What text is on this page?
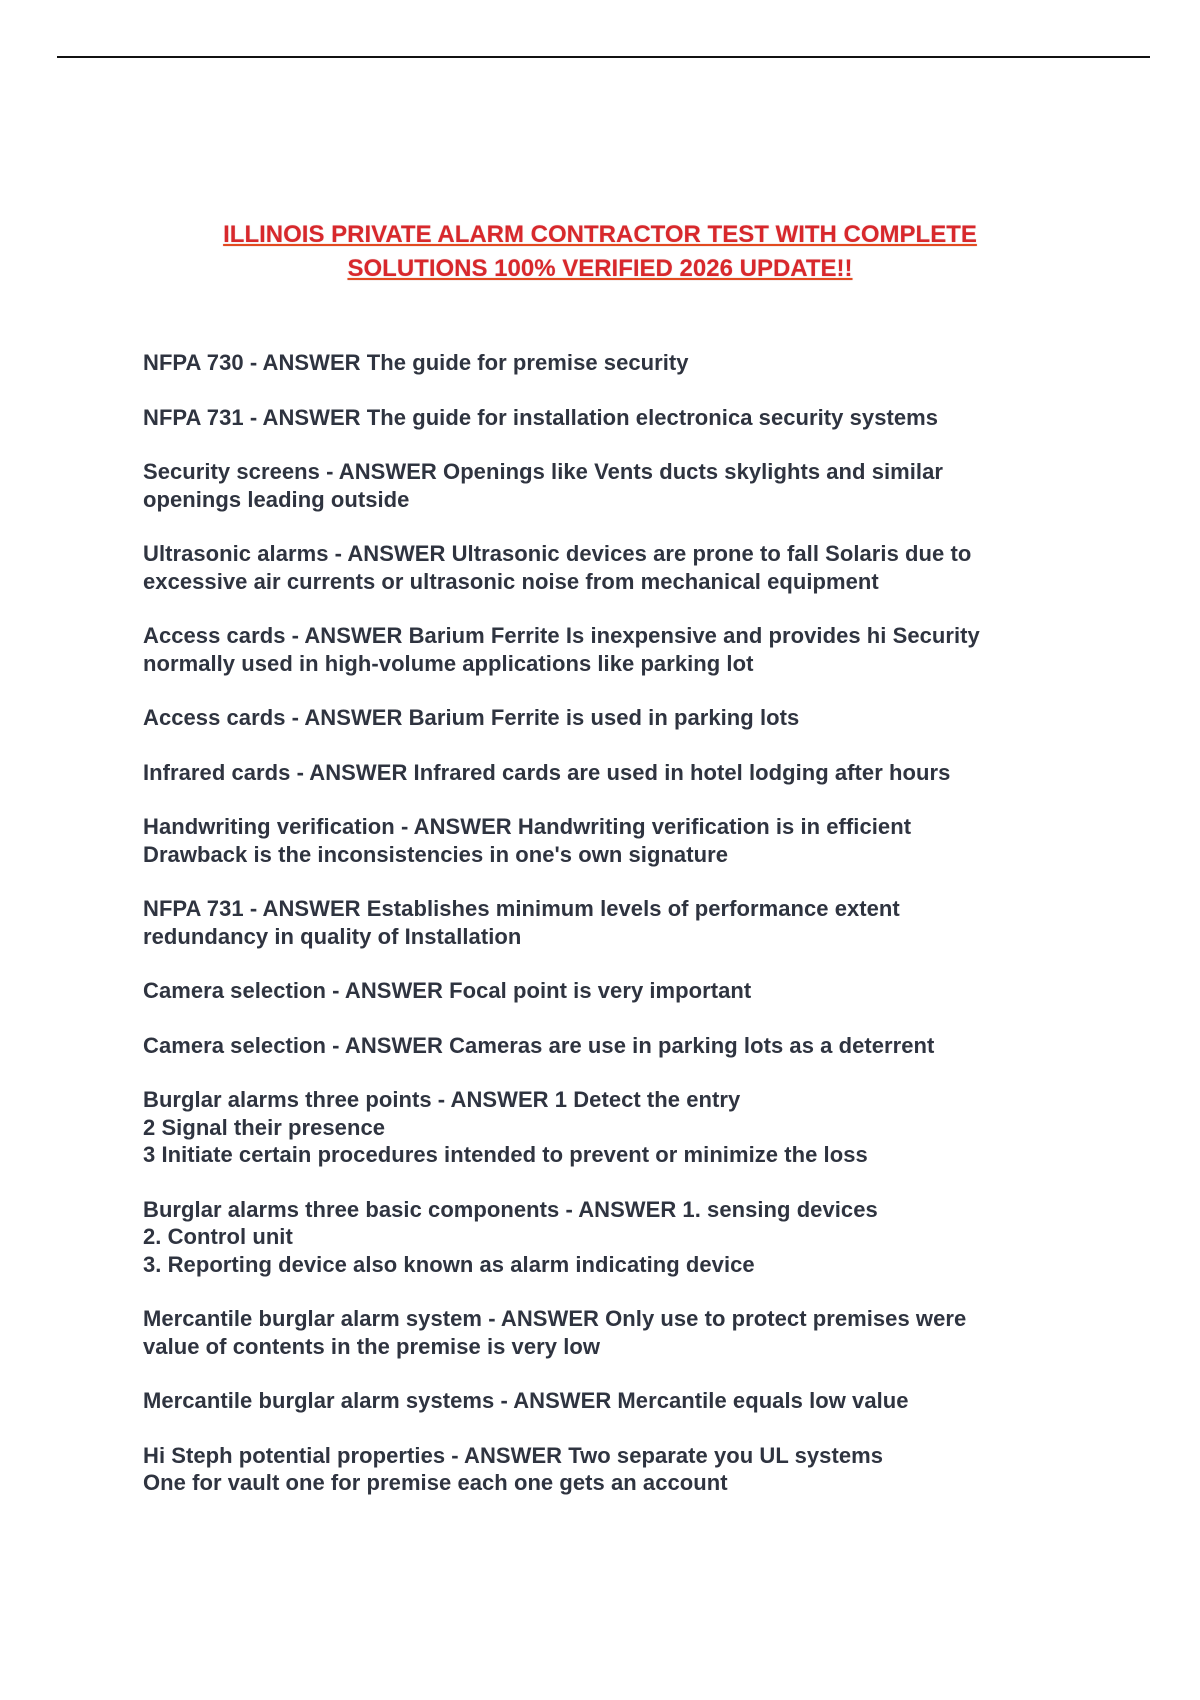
ILLINOIS PRIVATE ALARM CONTRACTOR TEST WITH COMPLETE
SOLUTIONS 100% VERIFIED 2026 UPDATE!!
NFPA 730 - ANSWER The guide for premise security
NFPA 731 - ANSWER The guide for installation electronica security systems
Security screens - ANSWER Openings like Vents ducts skylights and similar
openings leading outside
Ultrasonic alarms - ANSWER Ultrasonic devices are prone to fall Solaris due to
excessive air currents or ultrasonic noise from mechanical equipment
Access cards - ANSWER Barium Ferrite Is inexpensive and provides hi Security
normally used in high-volume applications like parking lot
Access cards - ANSWER Barium Ferrite is used in parking lots
Infrared cards - ANSWER Infrared cards are used in hotel lodging after hours
Handwriting verification - ANSWER Handwriting verification is in efficient
Drawback is the inconsistencies in one's own signature
NFPA 731 - ANSWER Establishes minimum levels of performance extent
redundancy in quality of Installation
Camera selection - ANSWER Focal point is very important
Camera selection - ANSWER Cameras are use in parking lots as a deterrent
Burglar alarms three points - ANSWER 1 Detect the entry
2 Signal their presence
3 Initiate certain procedures intended to prevent or minimize the loss
Burglar alarms three basic components - ANSWER 1. sensing devices
2. Control unit
3. Reporting device also known as alarm indicating device
Mercantile burglar alarm system - ANSWER Only use to protect premises were
value of contents in the premise is very low
Mercantile burglar alarm systems - ANSWER Mercantile equals low value
Hi Steph potential properties - ANSWER Two separate you UL systems
One for vault one for premise each one gets an account
